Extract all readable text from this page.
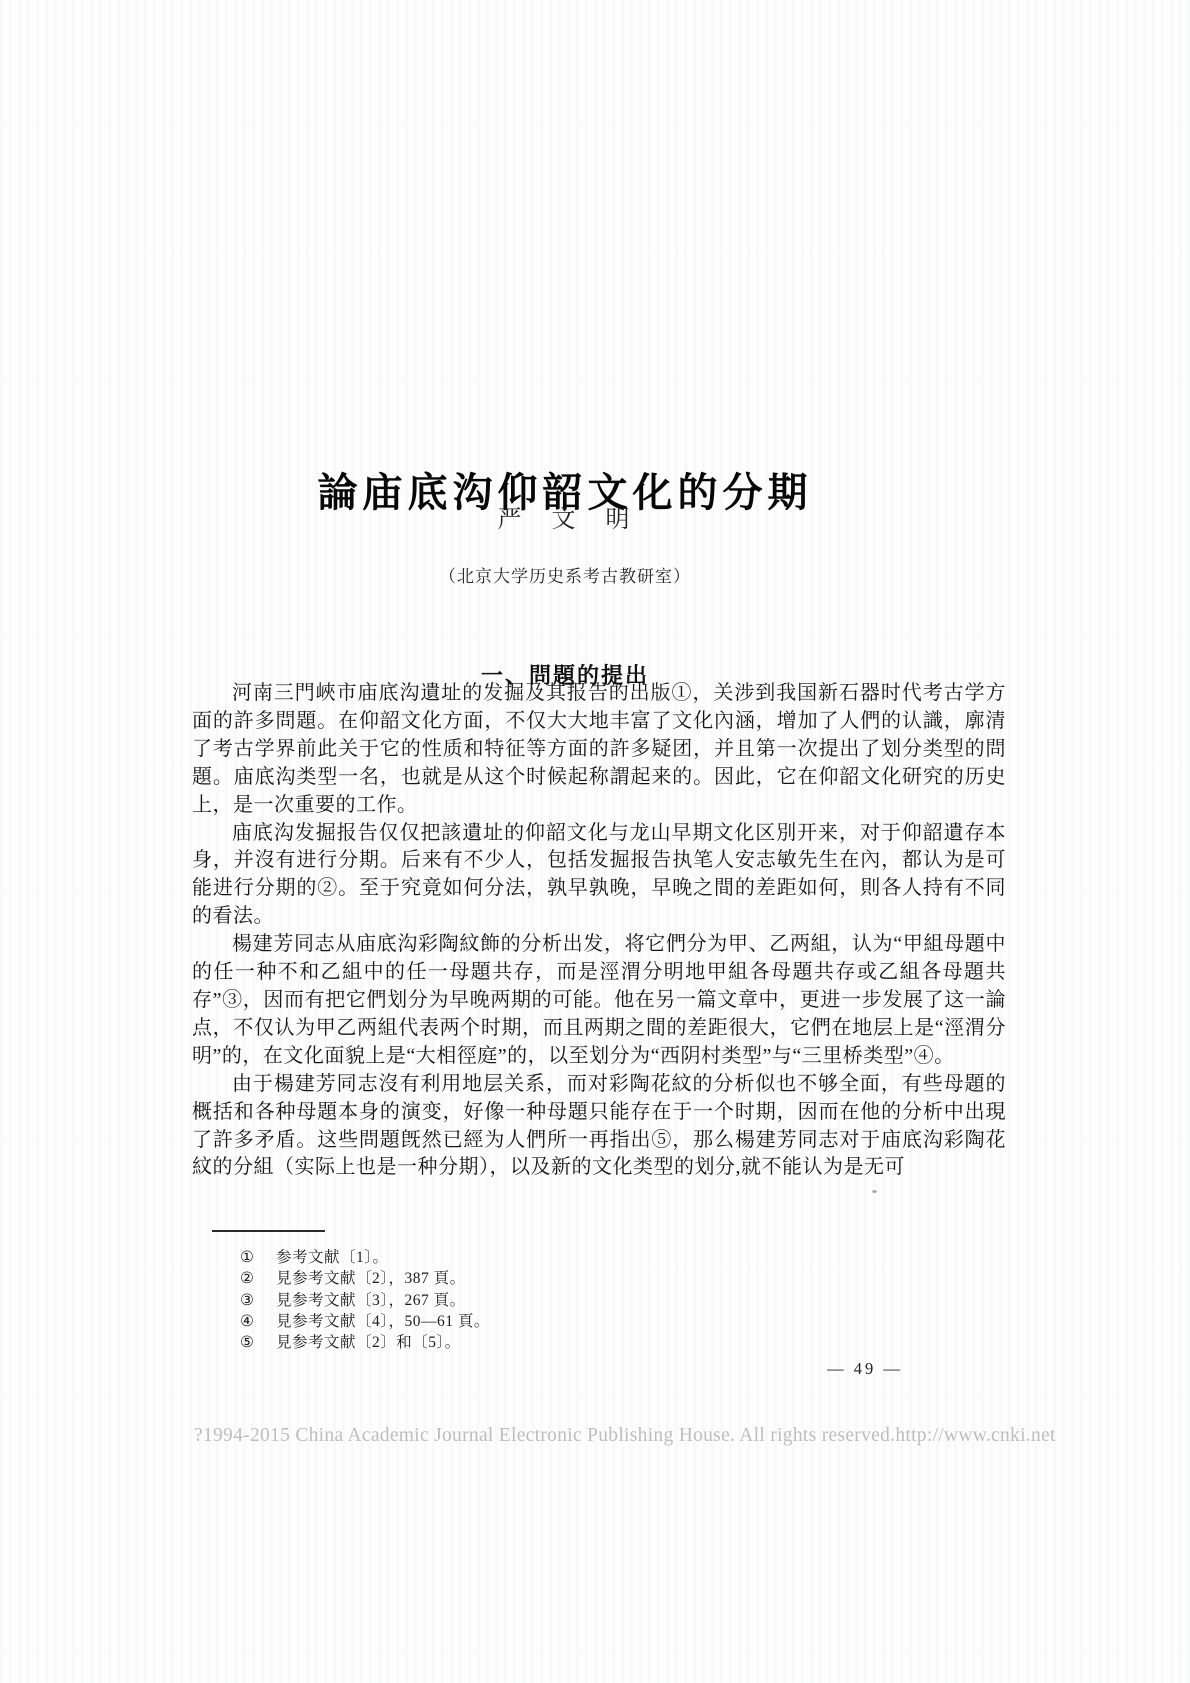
論庙底沟仰韶文化的分期
严　文　明
（北京大学历史系考古教研室）
一、問題的提出

河南三門峽市庙底沟遺址的发掘及其报告的出版①，关涉到我国新石器时代考古学方面的許多問題。在仰韶文化方面，不仅大大地丰富了文化內涵，增加了人們的认識，廓清了考古学界前此关于它的性质和特征等方面的許多疑团，并且第一次提出了划分类型的問題。庙底沟类型一名，也就是从这个时候起称謂起来的。因此，它在仰韶文化研究的历史上，是一次重要的工作。

庙底沟发掘报告仅仅把該遺址的仰韶文化与龙山早期文化区別开来，对于仰韶遺存本身，并沒有进行分期。后来有不少人，包括发掘报告执笔人安志敏先生在內，都认为是可能进行分期的②。至于究竟如何分法，孰早孰晚，早晚之間的差距如何，則各人持有不同的看法。

楊建芳同志从庙底沟彩陶紋飾的分析出发，将它們分为甲、乙两組，认为“甲組母題中的任一种不和乙組中的任一母題共存，而是涇渭分明地甲組各母題共存或乙組各母題共存”③，因而有把它們划分为早晚两期的可能。他在另一篇文章中，更进一步发展了这一論点，不仅认为甲乙两組代表两个时期，而且两期之間的差距很大，它們在地层上是“涇渭分明”的，在文化面貌上是“大相徑庭”的，以至划分为“西阴村类型”与“三里桥类型”④。

由于楊建芳同志沒有利用地层关系，而对彩陶花紋的分析似也不够全面，有些母題的概括和各种母題本身的演变，好像一种母題只能存在于一个时期，因而在他的分析中出現了許多矛盾。这些問題旣然已經为人們所一再指出⑤，那么楊建芳同志对于庙底沟彩陶花紋的分組（实际上也是一种分期），以及新的文化类型的划分,就不能认为是无可

① 参考文献〔1〕。
② 見参考文献〔2〕，387 頁。
③ 見参考文献〔3〕，267 頁。
④ 見参考文献〔4〕，50—61 頁。
⑤ 見参考文献〔2〕和〔5〕。
— 49 —
?1994-2015 China Academic Journal Electronic Publishing House. All rights reserved. http://www.cnki.net
